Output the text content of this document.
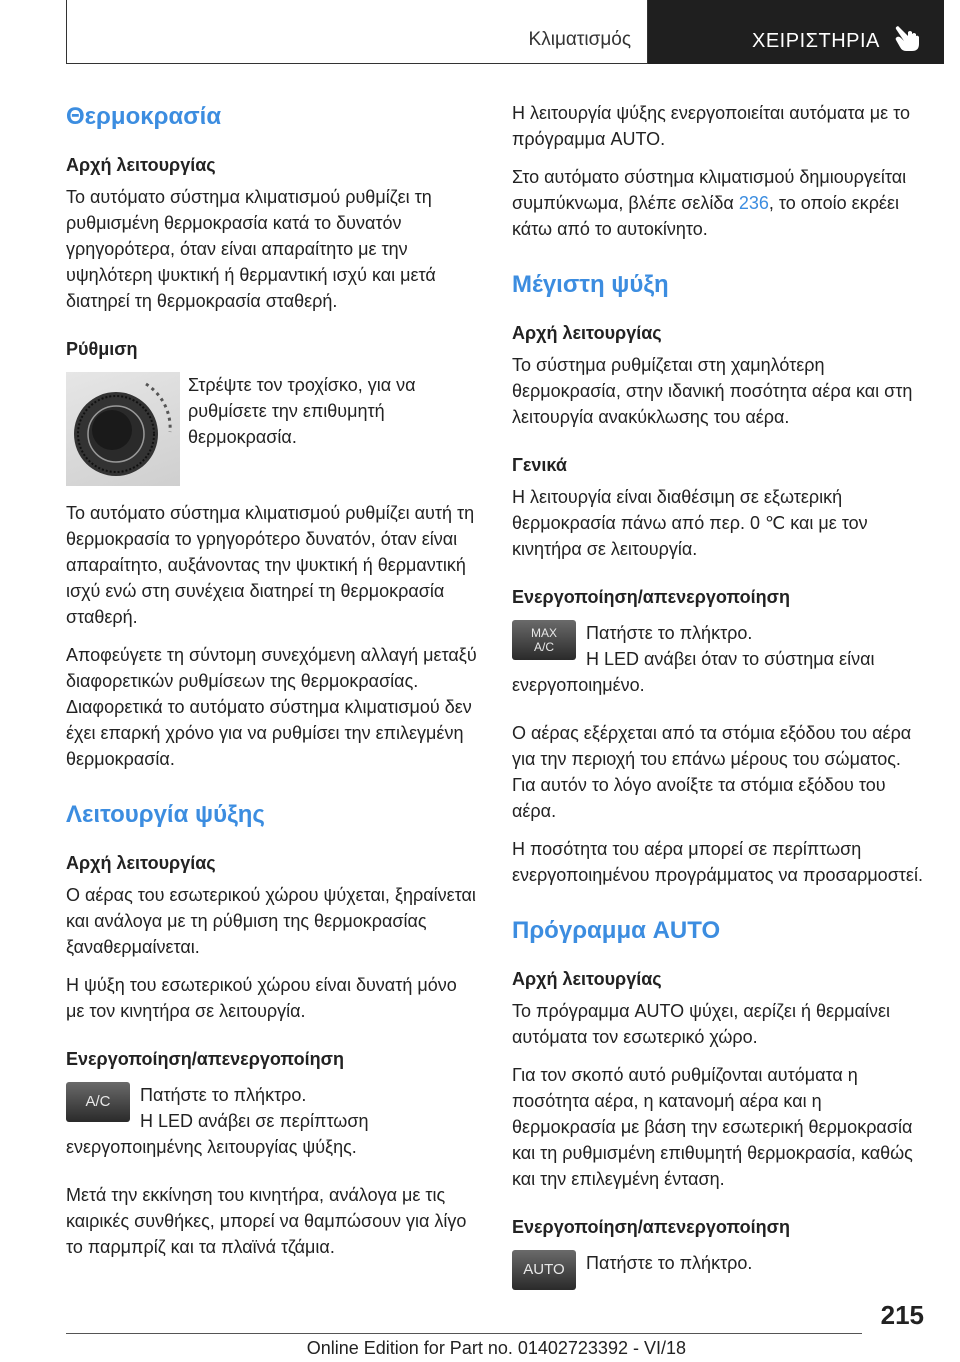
Κλιματισμός	ΧΕΙΡΙΣΤΗΡΙΑ
Θερμοκρασία
Αρχή λειτουργίας

Το αυτόματο σύστημα κλιματισμού ρυθμίζει τη ρυθμισμένη θερμοκρασία κατά το δυνατόν γρηγορότερα, όταν είναι απαραίτητο με την υψηλότερη ψυκτική ή θερμαντική ισχύ και μετά διατηρεί τη θερμοκρασία σταθερή.

Ρύθμιση
Στρέψτε τον τροχίσκο, για να ρυθμίσετε την επιθυμητή θερμοκρασία.

Το αυτόματο σύστημα κλιματισμού ρυθμίζει αυτή τη θερμοκρασία το γρηγορότερο δυνατόν, όταν είναι απαραίτητο, αυξάνοντας την ψυκτική ή θερμαντική ισχύ ενώ στη συνέχεια διατηρεί τη θερμοκρασία σταθερή.

Αποφεύγετε τη σύντομη συνεχόμενη αλλαγή μεταξύ διαφορετικών ρυθμίσεων της θερμοκρασίας. Διαφορετικά το αυτόματο σύστημα κλιματισμού δεν έχει επαρκή χρόνο για να ρυθμίσει την επιλεγμένη θερμοκρασία.

Λειτουργία ψύξης
Αρχή λειτουργίας

Ο αέρας του εσωτερικού χώρου ψύχεται, ξηραίνεται και ανάλογα με τη ρύθμιση της θερμοκρασίας ξαναθερμαίνεται.

Η ψύξη του εσωτερικού χώρου είναι δυνατή μόνο με τον κινητήρα σε λειτουργία.

Ενεργοποίηση/απενεργοποίηση
A/C	Πατήστε το πλήκτρο.

Η LED ανάβει σε περίπτωση ενεργοποιημένης λειτουργίας ψύξης.

Μετά την εκκίνηση του κινητήρα, ανάλογα με τις καιρικές συνθήκες, μπορεί να θαμπώσουν για λίγο το παρμπρίζ και τα πλαϊνά τζάμια.

Η λειτουργία ψύξης ενεργοποιείται αυτόματα με το πρόγραμμα AUTO.

Στο αυτόματο σύστημα κλιματισμού δημιουργείται συμπύκνωμα, βλέπε σελίδα 236, το οποίο εκρέει κάτω από το αυτοκίνητο.

Μέγιστη ψύξη
Αρχή λειτουργίας

Το σύστημα ρυθμίζεται στη χαμηλότερη θερμοκρασία, στην ιδανική ποσότητα αέρα και στη λειτουργία ανακύκλωσης του αέρα.

Γενικά

Η λειτουργία είναι διαθέσιμη σε εξωτερική θερμοκρασία πάνω από περ. 0 ℃ και με τον κινητήρα σε λειτουργία.

Ενεργοποίηση/απενεργοποίηση
MAX
A/C
Πατήστε το πλήκτρο.

Η LED ανάβει όταν το σύστημα είναι ενεργοποιημένο.

Ο αέρας εξέρχεται από τα στόμια εξόδου του αέρα για την περιοχή του επάνω μέρους του σώματος. Για αυτόν το λόγο ανοίξτε τα στόμια εξόδου του αέρα.

Η ποσότητα του αέρα μπορεί σε περίπτωση ενεργοποιημένου προγράμματος να προσαρμοστεί.

Πρόγραμμα AUTO
Αρχή λειτουργίας

Το πρόγραμμα AUTO ψύχει, αερίζει ή θερμαίνει αυτόματα τον εσωτερικό χώρο.

Για τον σκοπό αυτό ρυθμίζονται αυτόματα η ποσότητα αέρα, η κατανομή αέρα και η θερμοκρασία με βάση την εσωτερική θερμοκρασία και τη ρυθμισμένη επιθυμητή θερμοκρασία, καθώς και την επιλεγμένη ένταση.

Ενεργοποίηση/απενεργοποίηση
AUTO	Πατήστε το πλήκτρο.
215
Online Edition for Part no. 01402723392 - VI/18
